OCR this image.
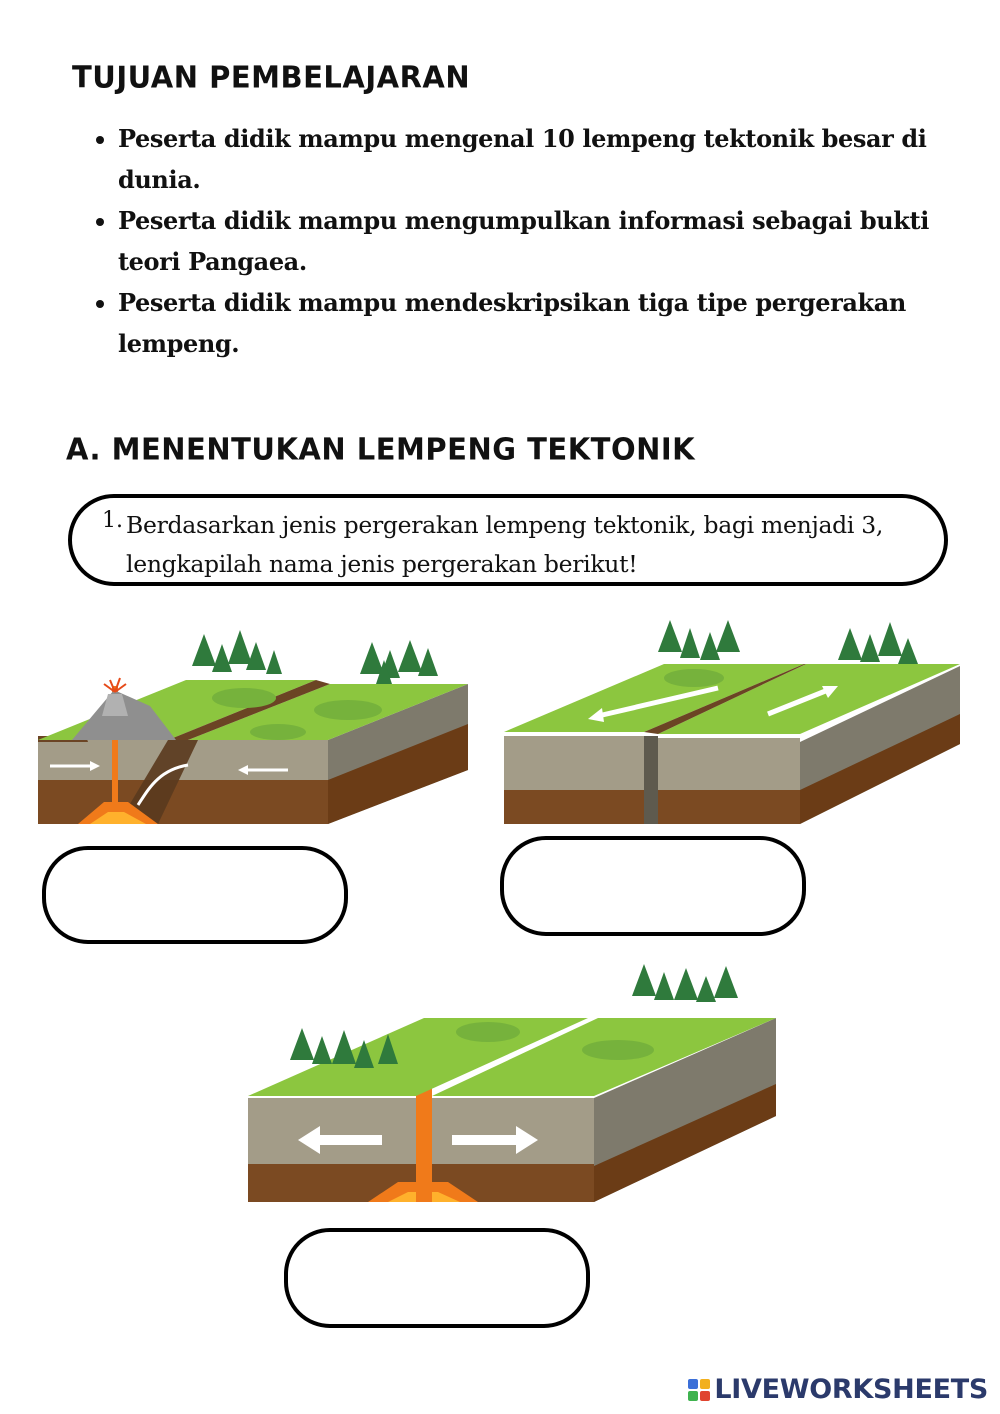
TUJUAN PEMBELAJARAN
• Peserta didik mampu mengenal 10 lempeng tektonik besar di dunia.
• Peserta didik mampu mengumpulkan informasi sebagai bukti teori Pangaea.
• Peserta didik mampu mendeskripsikan tiga tipe pergerakan lempeng.
A. MENENTUKAN LEMPENG TEKTONIK
1. Berdasarkan jenis pergerakan lempeng tektonik, bagi menjadi 3, lengkapilah nama jenis pergerakan berikut!
LIVEWORKSHEETS
